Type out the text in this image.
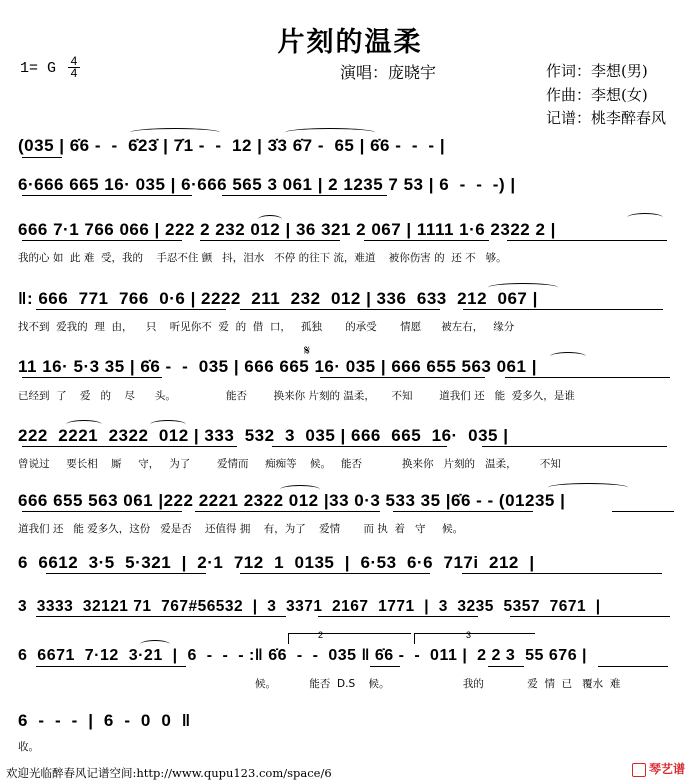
片刻的温柔
1= G 4
4	演唱：庞晓宇	作词：李想(男)
作曲：李想(女)
记谱：桃李醉春风
(035 | 6̇6 -  -  6̇23̇ | 7̇1 -  -  12 | 3̇3 6̇7 -  65 | 6̇6 -  -  - |
6·666 665 16· 035 | 6·666 565 3 061 | 2 1235 7 53 | 6  -  -  -) |
666 7·1 766 066 | 222 2 232 012 | 36 321 2 067 | 1111 1·6 2322 2 |
我的心 如  此 难  受，我的    手忍不住 颤   抖，泪水   不停 的往下 流，难道    被你伤害 的  还 不   够。
‖: 666  771  766  0·6 | 2222  211  232  012 | 336  633  212  067 |
找不到  爱我的  理  由，    只    听见你不  爱  的  借  口，   孤独       的承受       情愿      被左右，   缘分
11 16· 5·3 35 | 6̇6 -  -  035 | 666 665 16· 035 | 666 655 563 061 |
已经到  了    爱   的    尽      头。               能否        换来你 片刻的 温柔，     不知        道我们 还   能  爱多久，是谁
𝄋
222  2221  2322  012 | 333  532  3  035 | 666  665  16·  035 |
曾说过     要长相    厮     守，   为了        爱情而     痴痴等    候。   能否            换来你   片刻的   温柔，       不知
666 655 563 061 |222 2221 2322 012 |33 0·3 533 35 |6̇6 - - (01235 |
道我们 还   能 爱多久，这份   爱是否    还值得 拥    有，为了    爱情       而 执  着   守     候。
6  6612  3·5  5·321  |  2·1  712  1  0135  |  6·53  6·6  717i  212  |
3  3333  32121 71  767#56532  |  3  3371  2167  1771  |  3  3235  5357  7671  |
2	3
6  6671  7·12  3·21  |  6  -  -  - :‖ 6̇6  -  -  035 ‖ 6̇6 -  -  011 |  2 2 3  55 676 |
候。          能否  D.S    候。                      我的             爱  情  已   覆水  难
6  -  -  -  |  6  -  0  0  ‖
收。
欢迎光临醉春风记谱空间:http://www.qupu123.com/space/6	琴艺谱
